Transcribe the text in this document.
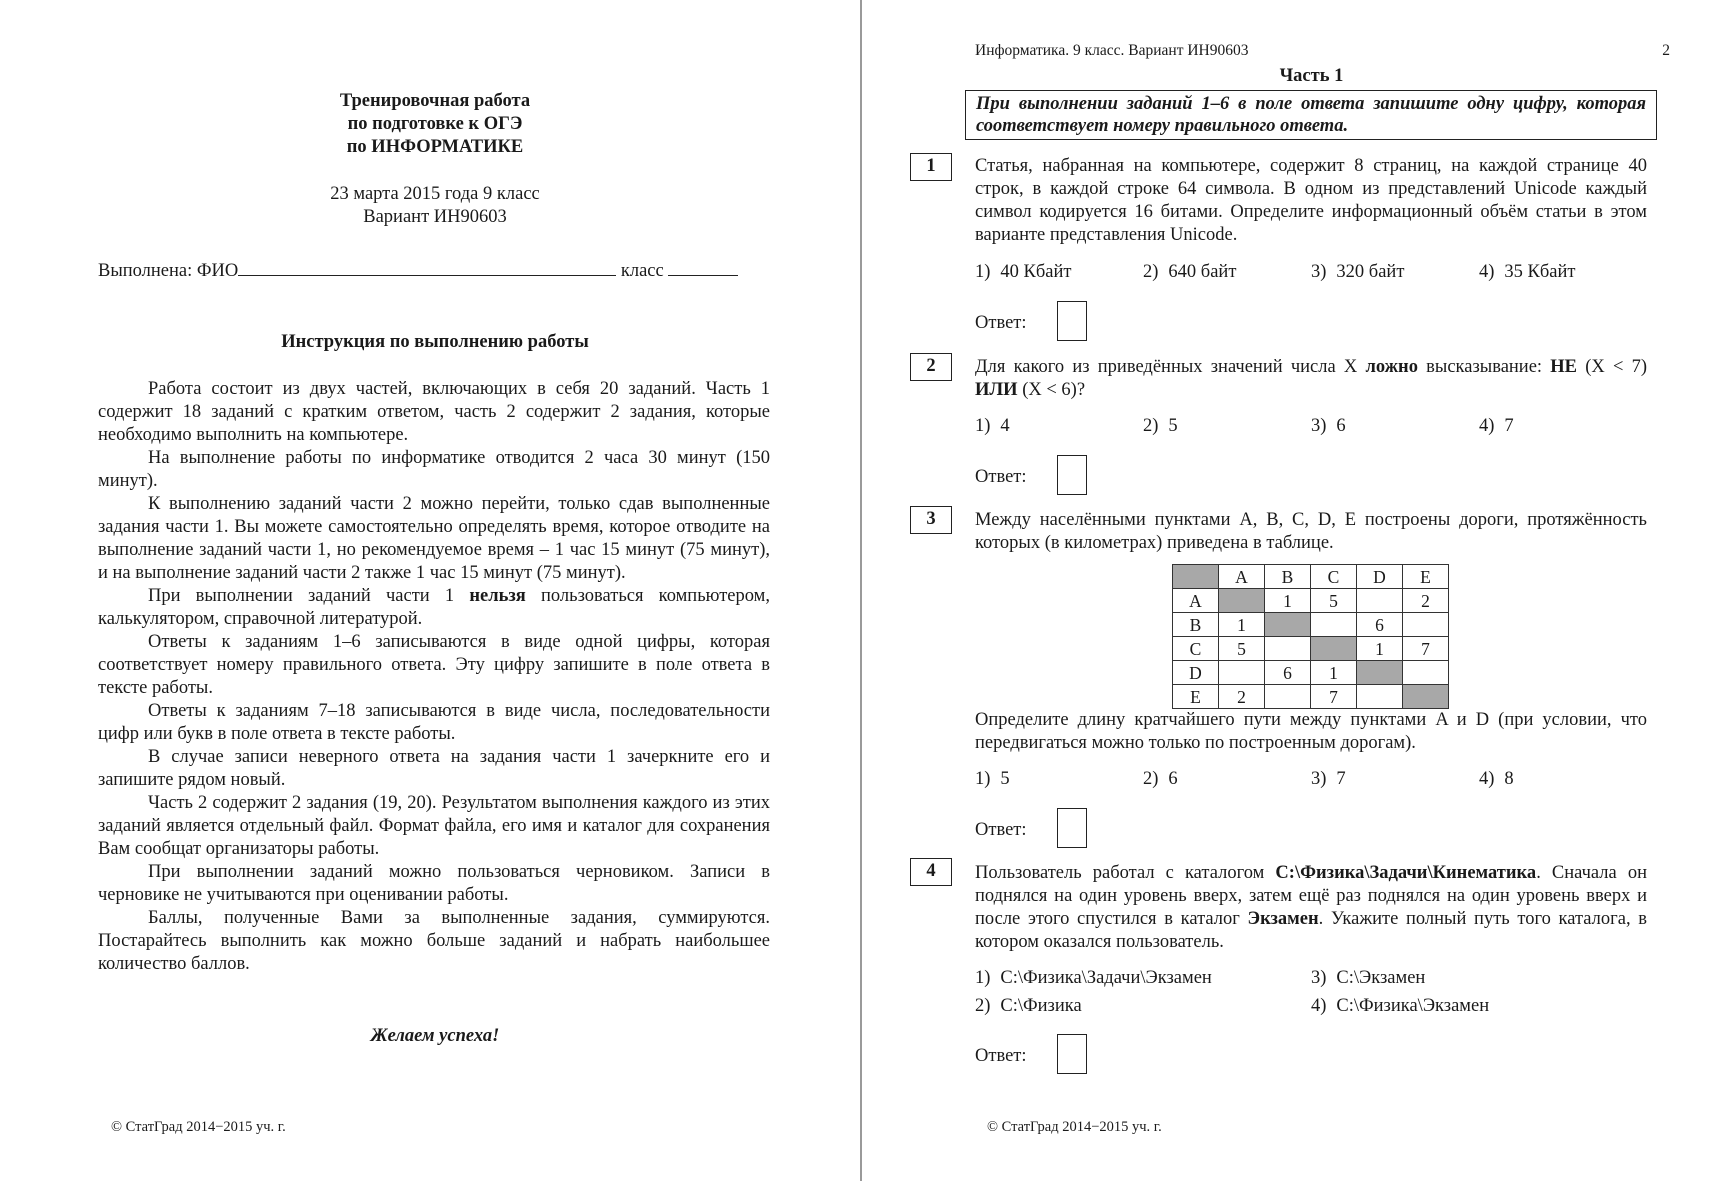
Тренировочная работа
по подготовке к ОГЭ
по ИНФОРМАТИКЕ
23 марта 2015 года 9 класс
Вариант ИН90603
Выполнена: ФИО	класс
Инструкция по выполнению работы

Работа состоит из двух частей, включающих в себя 20 заданий. Часть 1 содержит 18 заданий с кратким ответом, часть 2 содержит 2 задания, которые необходимо выполнить на компьютере.

На выполнение работы по информатике отводится 2 часа 30 минут (150 минут).

К выполнению заданий части 2 можно перейти, только сдав выполненные задания части 1. Вы можете самостоятельно определять время, которое отводите на выполнение заданий части 1, но рекомендуемое время – 1 час 15 минут (75 минут), и на выполнение заданий части 2 также 1 час 15 минут (75 минут).

При выполнении заданий части 1 нельзя пользоваться компьютером, калькулятором, справочной литературой.

Ответы к заданиям 1–6 записываются в виде одной цифры, которая соответствует номеру правильного ответа. Эту цифру запишите в поле ответа в тексте работы.

Ответы к заданиям 7–18 записываются в виде числа, последовательности цифр или букв в поле ответа в тексте работы.

В случае записи неверного ответа на задания части 1 зачеркните его и запишите рядом новый.

Часть 2 содержит 2 задания (19, 20). Результатом выполнения каждого из этих заданий является отдельный файл. Формат файла, его имя и каталог для сохранения Вам сообщат организаторы работы.

При выполнении заданий можно пользоваться черновиком. Записи в черновике не учитываются при оценивании работы.

Баллы, полученные Вами за выполненные задания, суммируются. Постарайтесь выполнить как можно больше заданий и набрать наибольшее количество баллов.

Желаем успеха!
© СтатГрад 2014−2015 уч. г.
Информатика. 9 класс. Вариант ИН90603	2
Часть 1
При выполнении заданий 1–6 в поле ответа запишите одну цифру, которая соответствует номеру правильного ответа.
1	Статья, набранная на компьютере, содержит 8 страниц, на каждой странице 40 строк, в каждой строке 64 символа. В одном из представлений Unicode каждый символ кодируется 16 битами. Определите информационный объём статьи в этом варианте представления Unicode.
1) 40 Кбайт	2) 640 байт	3) 320 байт	4) 35 Кбайт
Ответ:
2	Для какого из приведённых значений числа X ложно высказывание: НЕ (X < 7) ИЛИ (X < 6)?
1) 4	2) 5	3) 6	4) 7
Ответ:
3	Между населёнными пунктами A, B, C, D, E построены дороги, протяжённость которых (в километрах) приведена в таблице.
Определите длину кратчайшего пути между пунктами A и D (при условии, что передвигаться можно только по построенным дорогам).
1) 5	2) 6	3) 7	4) 8
Ответ:
4	Пользователь работал с каталогом C:\Физика\Задачи\Кинематика. Сначала он поднялся на один уровень вверх, затем ещё раз поднялся на один уровень вверх и после этого спустился в каталог Экзамен. Укажите полный путь того каталога, в котором оказался пользователь.
1) C:\Физика\Задачи\Экзамен
2) C:\Физика
3) C:\Экзамен
4) C:\Физика\Экзамен
Ответ:
© СтатГрад 2014−2015 уч. г.
	A	B	C	D	E
A		1	5		2
B	1			6	
C	5			1	7
D		6	1		
E	2		7		
